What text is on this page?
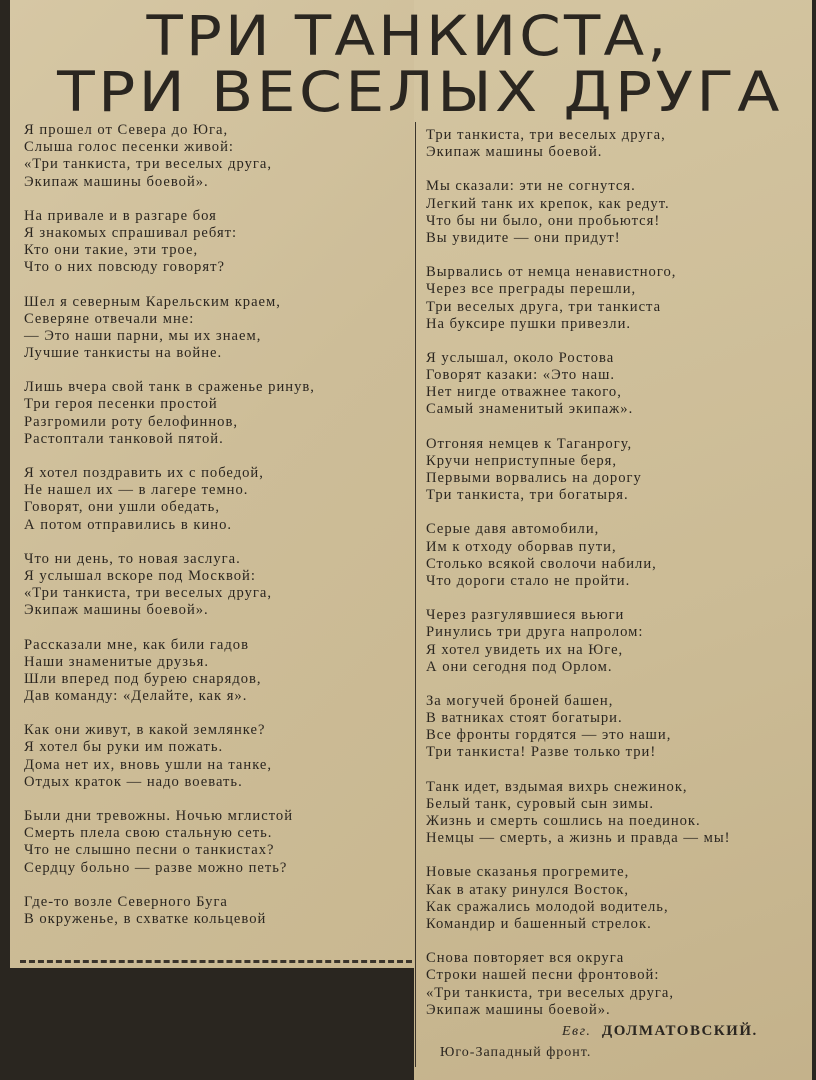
ТРИ ТАНКИСТА,
ТРИ ВЕСЕЛЫХ ДРУГА
Я прошел от Севера до Юга,
Слыша голос песенки живой:
«Три танкиста, три веселых друга,
Экипаж машины боевой».
На привале и в разгаре боя
Я знакомых спрашивал ребят:
Кто они такие, эти трое,
Что о них повсюду говорят?
Шел я северным Карельским краем,
Северяне отвечали мне:
— Это наши парни, мы их знаем,
Лучшие танкисты на войне.
Лишь вчера свой танк в сраженье ринув,
Три героя песенки простой
Разгромили роту белофиннов,
Растоптали танковой пятой.
Я хотел поздравить их с победой,
Не нашел их — в лагере темно.
Говорят, они ушли обедать,
А потом отправились в кино.
Что ни день, то новая заслуга.
Я услышал вскоре под Москвой:
«Три танкиста, три веселых друга,
Экипаж машины боевой».
Рассказали мне, как били гадов
Наши знаменитые друзья.
Шли вперед под бурею снарядов,
Дав команду: «Делайте, как я».
Как они живут, в какой землянке?
Я хотел бы руки им пожать.
Дома нет их, вновь ушли на танке,
Отдых краток — надо воевать.
Были дни тревожны. Ночью мглистой
Смерть плела свою стальную сеть.
Что не слышно песни о танкистах?
Сердцу больно — разве можно петь?
Где-то возле Северного Буга
В окруженье, в схватке кольцевой
Три танкиста, три веселых друга,
Экипаж машины боевой.
Мы сказали: эти не согнутся.
Легкий танк их крепок, как редут.
Что бы ни было, они пробьются!
Вы увидите — они придут!
Вырвались от немца ненавистного,
Через все преграды перешли,
Три веселых друга, три танкиста
На буксире пушки привезли.
Я услышал, около Ростова
Говорят казаки: «Это наш.
Нет нигде отважнее такого,
Самый знаменитый экипаж».
Отгоняя немцев к Таганрогу,
Кручи неприступные беря,
Первыми ворвались на дорогу
Три танкиста, три богатыря.
Серые давя автомобили,
Им к отходу оборвав пути,
Столько всякой сволочи набили,
Что дороги стало не пройти.
Через разгулявшиеся вьюги
Ринулись три друга напролом:
Я хотел увидеть их на Юге,
А они сегодня под Орлом.
За могучей броней башен,
В ватниках стоят богатыри.
Все фронты гордятся — это наши,
Три танкиста! Разве только три!
Танк идет, вздымая вихрь снежинок,
Белый танк, суровый сын зимы.
Жизнь и смерть сошлись на поединок.
Немцы — смерть, а жизнь и правда — мы!
Новые сказанья прогремите,
Как в атаку ринулся Восток,
Как сражались молодой водитель,
Командир и башенный стрелок.
Снова повторяет вся округа
Строки нашей песни фронтовой:
«Три танкиста, три веселых друга,
Экипаж машины боевой».
Евг. ДОЛМАТОВСКИЙ.
Юго-Западный фронт.
